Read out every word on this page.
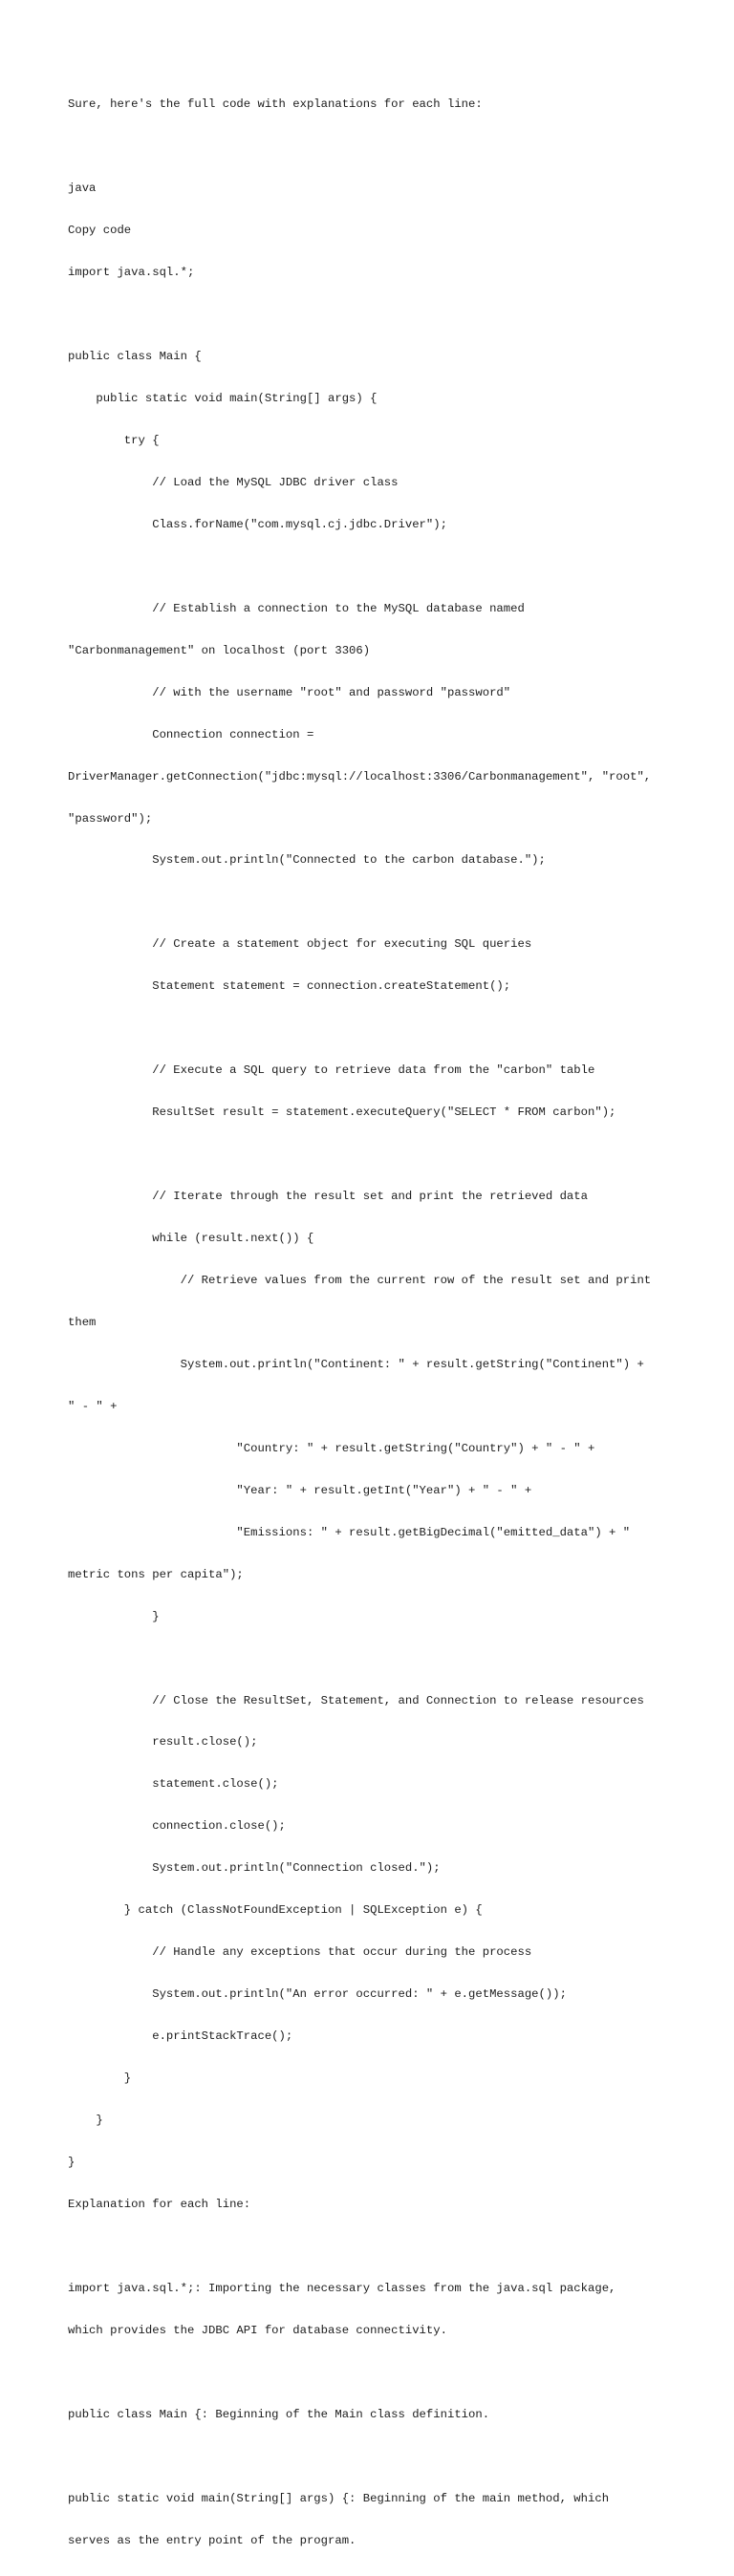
Sure, here's the full code with explanations for each line:

java

Copy code

import java.sql.*;

public class Main {

public static void main(String[] args) {

try {

// Load the MySQL JDBC driver class

Class.forName("com.mysql.cj.jdbc.Driver");

// Establish a connection to the MySQL database named

"Carbonmanagement" on localhost (port 3306)

// with the username "root" and password "password"

Connection connection =

DriverManager.getConnection("jdbc:mysql://localhost:3306/Carbonmanagement", "root",

"password");

System.out.println("Connected to the carbon database.");

// Create a statement object for executing SQL queries

Statement statement = connection.createStatement();

// Execute a SQL query to retrieve data from the "carbon" table

ResultSet result = statement.executeQuery("SELECT * FROM carbon");

// Iterate through the result set and print the retrieved data

while (result.next()) {

// Retrieve values from the current row of the result set and print

them

System.out.println("Continent: " + result.getString("Continent") +

" - " +

"Country: " + result.getString("Country") + " - " +

"Year: " + result.getInt("Year") + " - " +

"Emissions: " + result.getBigDecimal("emitted_data") + "

metric tons per capita");

}

// Close the ResultSet, Statement, and Connection to release resources

result.close();

statement.close();

connection.close();

System.out.println("Connection closed.");

} catch (ClassNotFoundException | SQLException e) {

// Handle any exceptions that occur during the process

System.out.println("An error occurred: " + e.getMessage());

e.printStackTrace();

}

}

}

Explanation for each line:

import java.sql.*;: Importing the necessary classes from the java.sql package,

which provides the JDBC API for database connectivity.

public class Main {: Beginning of the Main class definition.

public static void main(String[] args) {: Beginning of the main method, which

serves as the entry point of the program.
